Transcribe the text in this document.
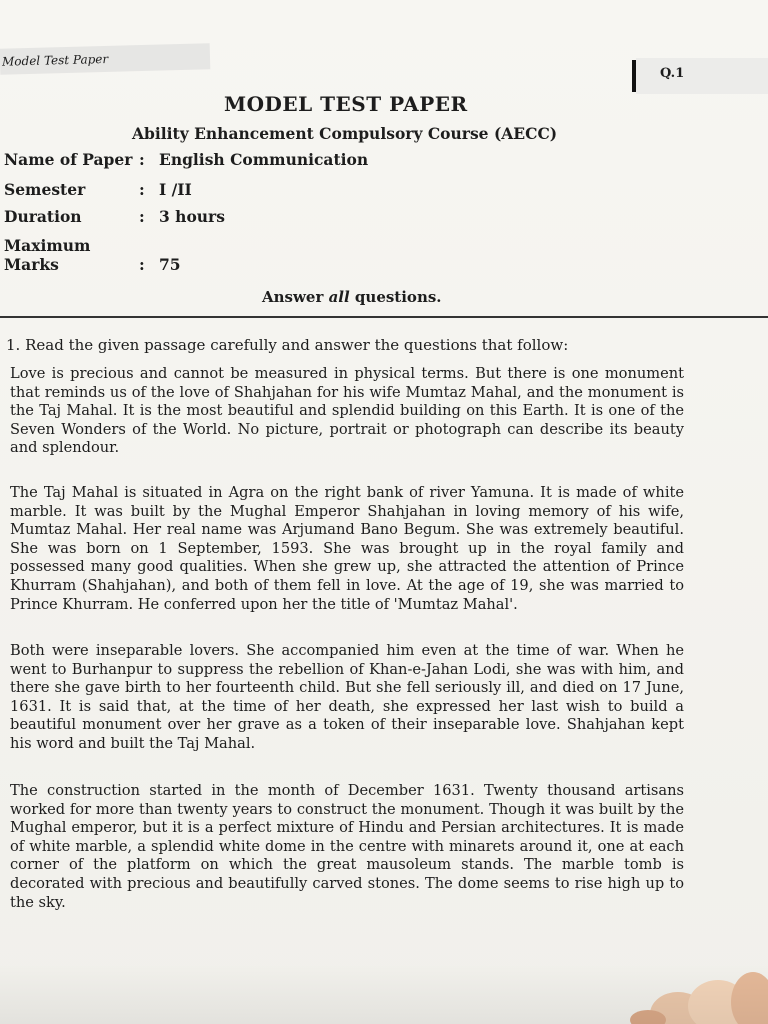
Model Test Paper
Q.1
MODEL TEST PAPER
Ability Enhancement Compulsory Course (AECC)
Name of Paper : English Communication
Semester	: I /II
Duration	: 3 hours
Maximum Marks	: 75
Answer all questions.
1. Read the given passage carefully and answer the questions that follow:

Love is precious and cannot be measured in physical terms. But there is one monument that reminds us of the love of Shahjahan for his wife Mumtaz Mahal, and the monument is the Taj Mahal. It is the most beautiful and splendid building on this Earth. It is one of the Seven Wonders of the World. No picture, portrait or photograph can describe its beauty and splendour.

The Taj Mahal is situated in Agra on the right bank of river Yamuna. It is made of white marble. It was built by the Mughal Emperor Shahjahan in loving memory of his wife, Mumtaz Mahal. Her real name was Arjumand Bano Begum. She was extremely beautiful. She was born on 1 September, 1593. She was brought up in the royal family and possessed many good qualities. When she grew up, she attracted the attention of Prince Khurram (Shahjahan), and both of them fell in love. At the age of 19, she was married to Prince Khurram. He conferred upon her the title of 'Mumtaz Mahal'.

Both were inseparable lovers. She accompanied him even at the time of war. When he went to Burhanpur to suppress the rebellion of Khan-e-Jahan Lodi, she was with him, and there she gave birth to her fourteenth child. But she fell seriously ill, and died on 17 June, 1631. It is said that, at the time of her death, she expressed her last wish to build a beautiful monument over her grave as a token of their inseparable love. Shahjahan kept his word and built the Taj Mahal.

The construction started in the month of December 1631. Twenty thousand artisans worked for more than twenty years to construct the monument. Though it was built by the Mughal emperor, but it is a perfect mixture of Hindu and Persian architectures. It is made of white marble, a splendid white dome in the centre with minarets around it, one at each corner of the platform on which the great mausoleum stands. The marble tomb is decorated with precious and beautifully carved stones. The dome seems to rise high up to the sky.
